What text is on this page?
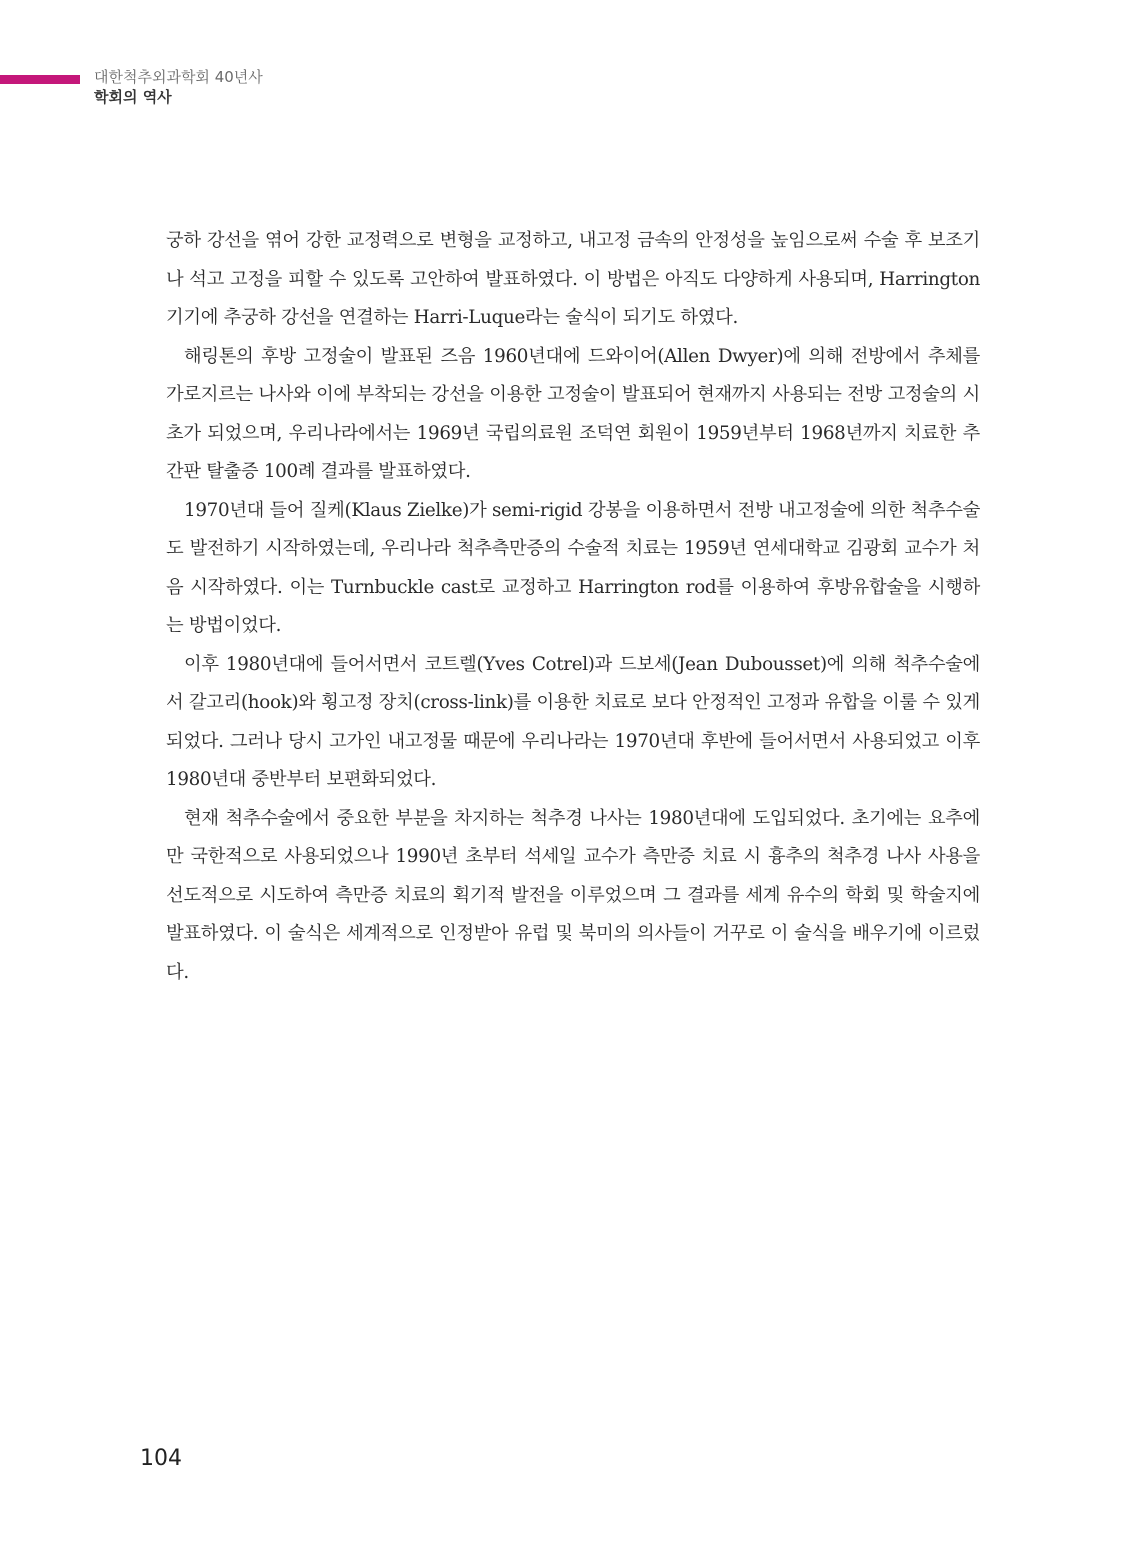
대한척추외과학회 40년사
학회의 역사

궁하 강선을 엮어 강한 교정력으로 변형을 교정하고, 내고정 금속의 안정성을 높임으로써 수술 후 보조기나 석고 고정을 피할 수 있도록 고안하여 발표하였다. 이 방법은 아직도 다양하게 사용되며, Harrington 기기에 추궁하 강선을 연결하는 Harri-Luque라는 술식이 되기도 하였다.

해링톤의 후방 고정술이 발표된 즈음 1960년대에 드와이어(Allen Dwyer)에 의해 전방에서 추체를 가로지르는 나사와 이에 부착되는 강선을 이용한 고정술이 발표되어 현재까지 사용되는 전방 고정술의 시초가 되었으며, 우리나라에서는 1969년 국립의료원 조덕연 회원이 1959년부터 1968년까지 치료한 추간판 탈출증 100례 결과를 발표하였다.

1970년대 들어 질케(Klaus Zielke)가 semi-rigid 강봉을 이용하면서 전방 내고정술에 의한 척추수술도 발전하기 시작하였는데, 우리나라 척추측만증의 수술적 치료는 1959년 연세대학교 김광회 교수가 처음 시작하였다. 이는 Turnbuckle cast로 교정하고 Harrington rod를 이용하여 후방유합술을 시행하는 방법이었다.

이후 1980년대에 들어서면서 코트렐(Yves Cotrel)과 드보세(Jean Dubousset)에 의해 척추수술에서 갈고리(hook)와 횡고정 장치(cross-link)를 이용한 치료로 보다 안정적인 고정과 유합을 이룰 수 있게 되었다. 그러나 당시 고가인 내고정물 때문에 우리나라는 1970년대 후반에 들어서면서 사용되었고 이후 1980년대 중반부터 보편화되었다.

현재 척추수술에서 중요한 부분을 차지하는 척추경 나사는 1980년대에 도입되었다. 초기에는 요추에만 국한적으로 사용되었으나 1990년 초부터 석세일 교수가 측만증 치료 시 흉추의 척추경 나사 사용을 선도적으로 시도하여 측만증 치료의 획기적 발전을 이루었으며 그 결과를 세계 유수의 학회 및 학술지에 발표하였다. 이 술식은 세계적으로 인정받아 유럽 및 북미의 의사들이 거꾸로 이 술식을 배우기에 이르렀다.

104
